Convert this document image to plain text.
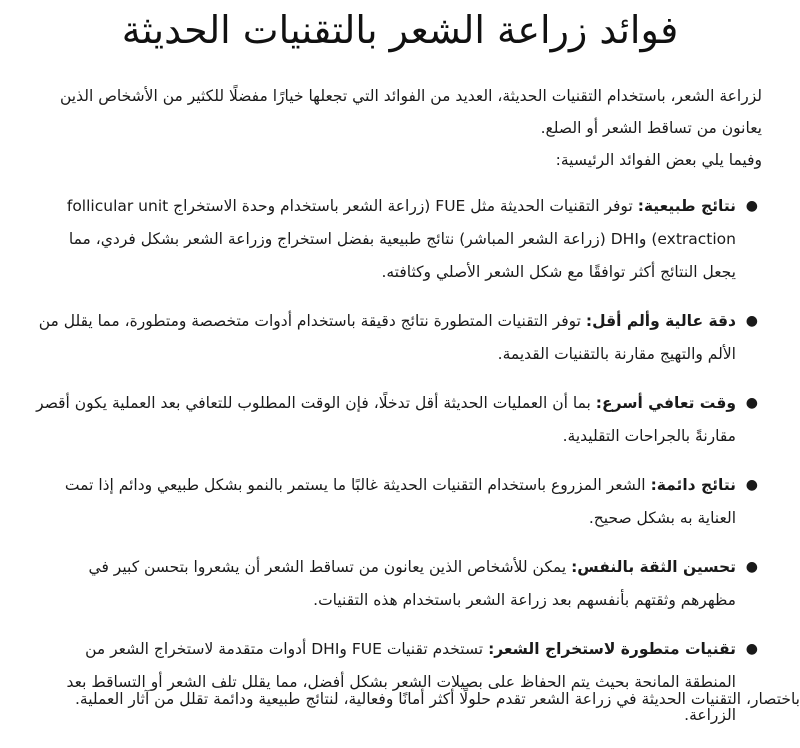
فوائد زراعة الشعر بالتقنيات الحديثة
لزراعة الشعر، باستخدام التقنيات الحديثة، العديد من الفوائد التي تجعلها خيارًا مفضلًا للكثير من الأشخاص الذين يعانون من تساقط الشعر أو الصلع.
وفيما يلي بعض الفوائد الرئيسية:
●
نتائج طبيعية: توفر التقنيات الحديثة مثل FUE (زراعة الشعر باستخدام وحدة الاستخراج follicular unit extraction) وDHI (زراعة الشعر المباشر) نتائج طبيعية بفضل استخراج وزراعة الشعر بشكل فردي، مما يجعل النتائج أكثر توافقًا مع شكل الشعر الأصلي وكثافته.
●
دقة عالية وألم أقل: توفر التقنيات المتطورة نتائج دقيقة باستخدام أدوات متخصصة ومتطورة، مما يقلل من الألم والتهيج مقارنة بالتقنيات القديمة.
●
وقت تعافي أسرع: بما أن العمليات الحديثة أقل تدخلًا، فإن الوقت المطلوب للتعافي بعد العملية يكون أقصر مقارنةً بالجراحات التقليدية.
●
نتائج دائمة: الشعر المزروع باستخدام التقنيات الحديثة غالبًا ما يستمر بالنمو بشكل طبيعي ودائم إذا تمت العناية به بشكل صحيح.
●
تحسين الثقة بالنفس: يمكن للأشخاص الذين يعانون من تساقط الشعر أن يشعروا بتحسن كبير في مظهرهم وثقتهم بأنفسهم بعد زراعة الشعر باستخدام هذه التقنيات.
●
تقنيات متطورة لاستخراج الشعر: تستخدم تقنيات FUE وDHI أدوات متقدمة لاستخراج الشعر من المنطقة المانحة بحيث يتم الحفاظ على بصيلات الشعر بشكل أفضل، مما يقلل تلف الشعر أو التساقط بعد الزراعة.

باختصار، التقنيات الحديثة في زراعة الشعر تقدم حلولًا أكثر أمانًا وفعالية، لنتائج طبيعية ودائمة تقلل من آثار العملية.
